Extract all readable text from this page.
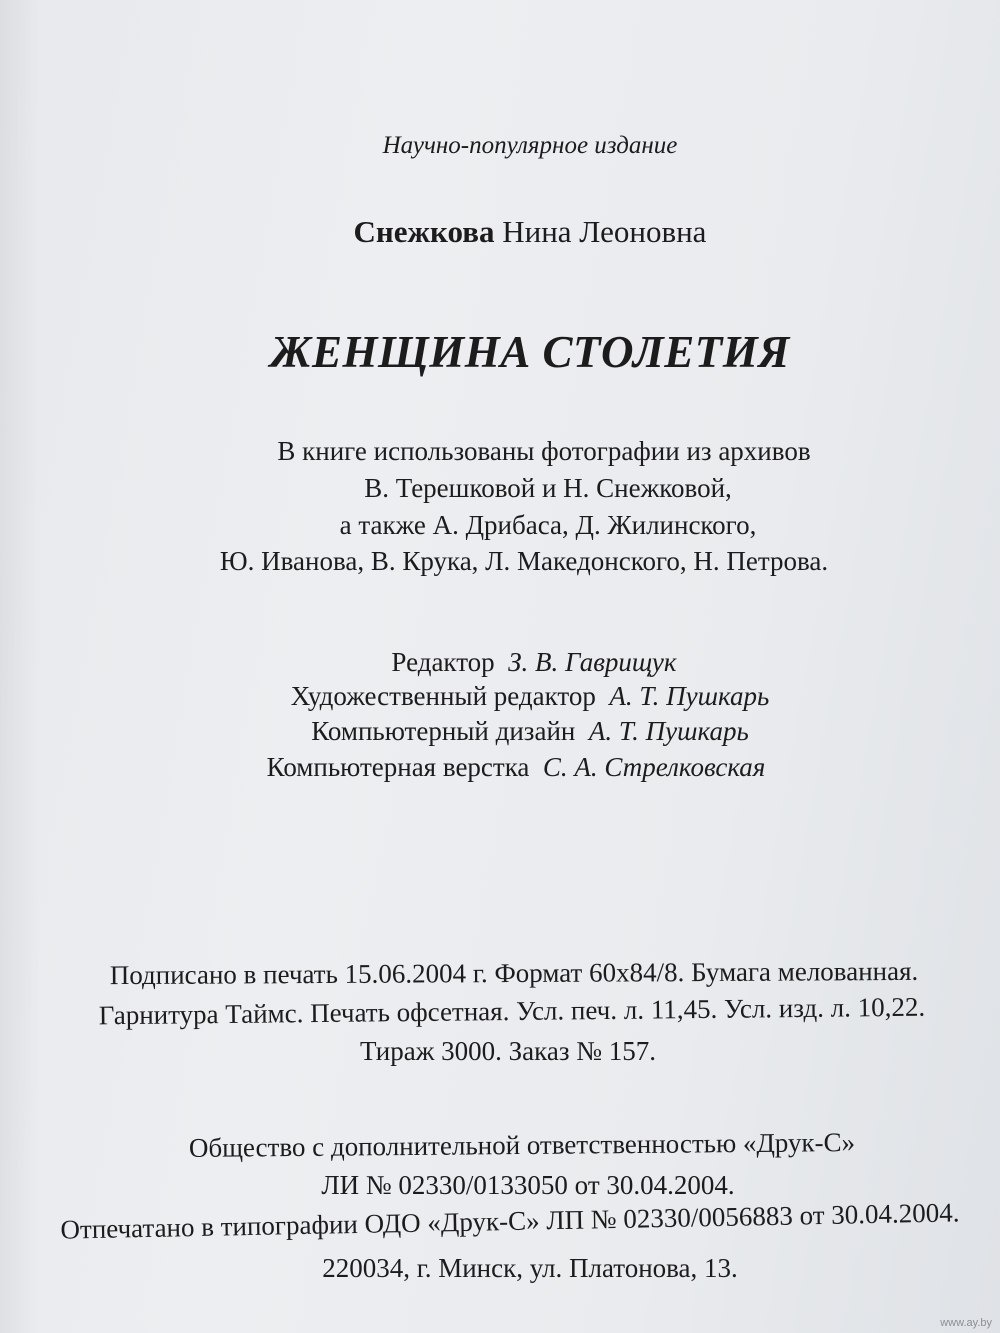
Научно-популярное издание
Снежкова Нина Леоновна
ЖЕНЩИНА СТОЛЕТИЯ
В книге использованы фотографии из архивов
В. Терешковой и Н. Снежковой,
а также А. Дрибаса, Д. Жилинского,
Ю. Иванова, В. Крука, Л. Македонского, Н. Петрова.
Редактор З. В. Гаврищук
Художественный редактор А. Т. Пушкарь
Компьютерный дизайн А. Т. Пушкарь
Компьютерная верстка С. А. Стрелковская
Подписано в печать 15.06.2004 г. Формат 60х84/8. Бумага мелованная.
Гарнитура Таймс. Печать офсетная. Усл. печ. л. 11,45. Усл. изд. л. 10,22.
Тираж 3000. Заказ № 157.
Общество с дополнительной ответственностью «Друк-С»
ЛИ № 02330/0133050 от 30.04.2004.
Отпечатано в типографии ОДО «Друк-С» ЛП № 02330/0056883 от 30.04.2004.
220034, г. Минск, ул. Платонова, 13.
www.ay.by
